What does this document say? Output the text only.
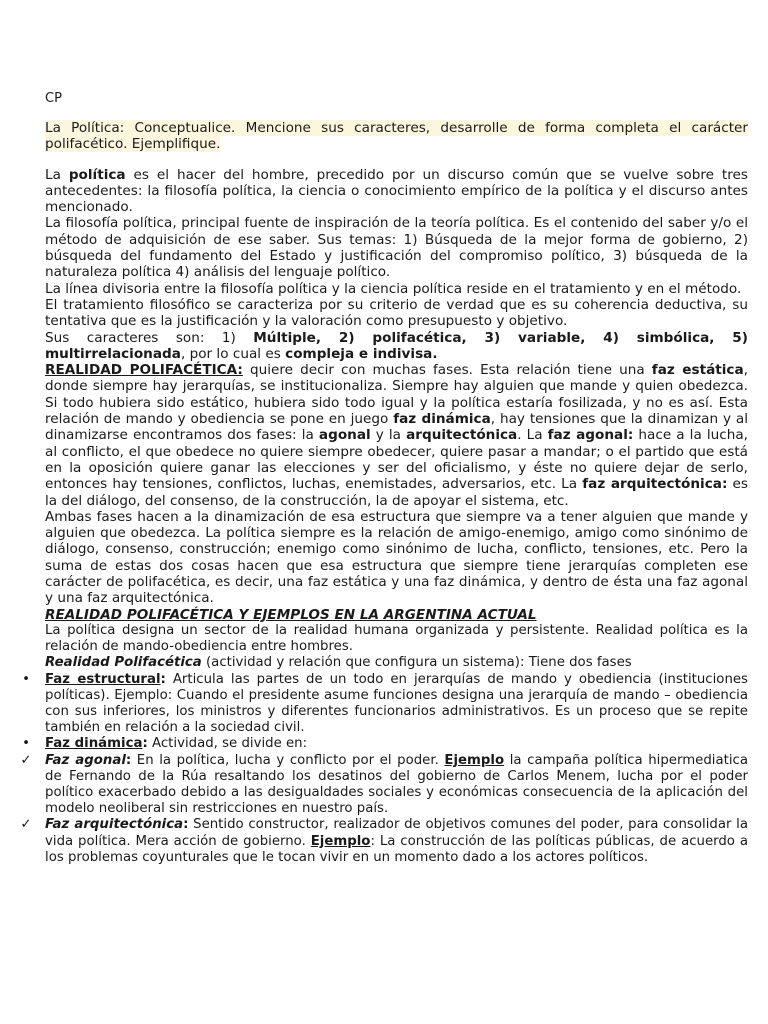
CP

La Política: Conceptualice. Mencione sus caracteres, desarrolle de forma completa el carácter polifacético. Ejemplifique.

La política es el hacer del hombre, precedido por un discurso común que se vuelve sobre tres antecedentes: la filosofía política, la ciencia o conocimiento empírico de la política y el discurso antes mencionado.

La filosofía política, principal fuente de inspiración de la teoría política. Es el contenido del saber y/o el método de adquisición de ese saber. Sus temas: 1) Búsqueda de la mejor forma de gobierno, 2) búsqueda del fundamento del Estado y justificación del compromiso político, 3) búsqueda de la naturaleza política 4) análisis del lenguaje político.

La línea divisoria entre la filosofía política y la ciencia política reside en el tratamiento y en el método.

El tratamiento filosófico se caracteriza por su criterio de verdad que es su coherencia deductiva, su tentativa que es la justificación y la valoración como presupuesto y objetivo.

Sus caracteres son: 1) Múltiple, 2) polifacética, 3) variable, 4) simbólica, 5) multirrelacionada, por lo cual es compleja e indivisa.

REALIDAD POLIFACÉTICA: quiere decir con muchas fases. Esta relación tiene una faz estática, donde siempre hay jerarquías, se institucionaliza. Siempre hay alguien que mande y quien obedezca. Si todo hubiera sido estático, hubiera sido todo igual y la política estaría fosilizada, y no es así. Esta relación de mando y obediencia se pone en juego faz dinámica, hay tensiones que la dinamizan y al dinamizarse encontramos dos fases: la agonal y la arquitectónica. La faz agonal: hace a la lucha, al conflicto, el que obedece no quiere siempre obedecer, quiere pasar a mandar; o el partido que está en la oposición quiere ganar las elecciones y ser del oficialismo, y éste no quiere dejar de serlo, entonces hay tensiones, conflictos, luchas, enemistades, adversarios, etc. La faz arquitectónica: es la del diálogo, del consenso, de la construcción, la de apoyar el sistema, etc.

Ambas fases hacen a la dinamización de esa estructura que siempre va a tener alguien que mande y alguien que obedezca. La política siempre es la relación de amigo-enemigo, amigo como sinónimo de diálogo, consenso, construcción; enemigo como sinónimo de lucha, conflicto, tensiones, etc. Pero la suma de estas dos cosas hacen que esa estructura que siempre tiene jerarquías completen ese carácter de polifacética, es decir, una faz estática y una faz dinámica, y dentro de ésta una faz agonal y una faz arquitectónica.

REALIDAD POLIFACÉTICA Y EJEMPLOS EN LA ARGENTINA ACTUAL

La política designa un sector de la realidad humana organizada y persistente. Realidad política es la relación de mando-obediencia entre hombres.

Realidad Polifacética (actividad y relación que configura un sistema): Tiene dos fases

• Faz estructural: Articula las partes de un todo en jerarquías de mando y obediencia (instituciones políticas). Ejemplo: Cuando el presidente asume funciones designa una jerarquía de mando – obediencia con sus inferiores, los ministros y diferentes funcionarios administrativos. Es un proceso que se repite también en relación a la sociedad civil.
• Faz dinámica: Actividad, se divide en:
✓ Faz agonal: En la política, lucha y conflicto por el poder. Ejemplo la campaña política hipermediatica de Fernando de la Rúa resaltando los desatinos del gobierno de Carlos Menem, lucha por el poder político exacerbado debido a las desigualdades sociales y económicas consecuencia de la aplicación del modelo neoliberal sin restricciones en nuestro país.
✓ Faz arquitectónica: Sentido constructor, realizador de objetivos comunes del poder, para consolidar la vida política. Mera acción de gobierno. Ejemplo: La construcción de las políticas públicas, de acuerdo a los problemas coyunturales que le tocan vivir en un momento dado a los actores políticos.
